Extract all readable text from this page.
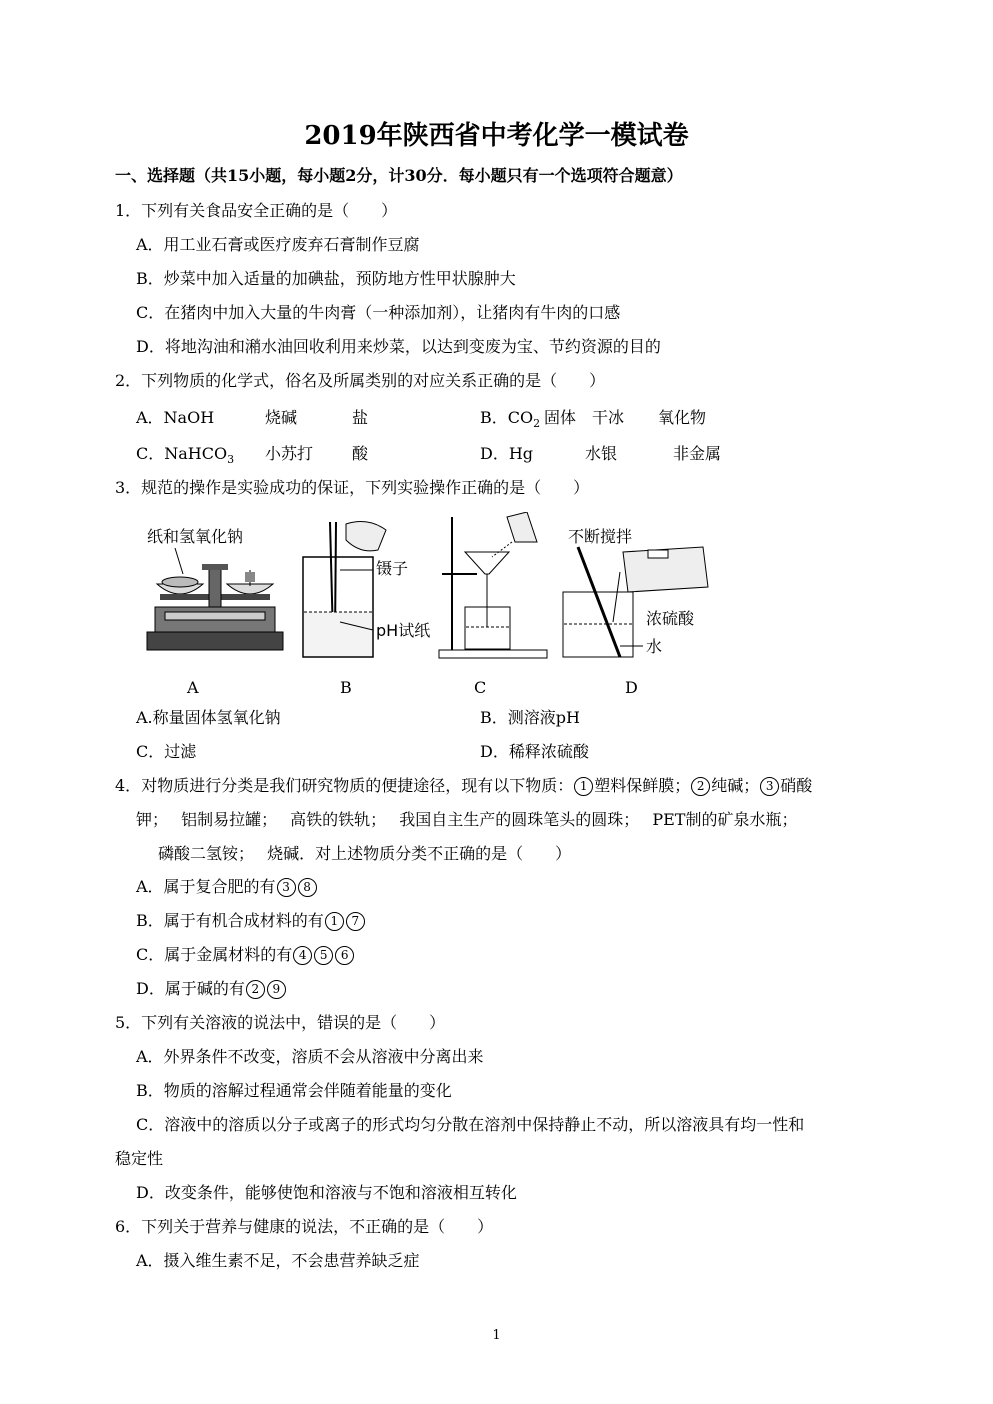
2019年陕西省中考化学一模试卷
一、选择题（共15小题，每小题2分，计30分．每小题只有一个选项符合题意）
1．下列有关食品安全正确的是（　　）
A．用工业石膏或医疗废弃石膏制作豆腐
B．炒菜中加入适量的加碘盐，预防地方性甲状腺肿大
C．在猪肉中加入大量的牛肉膏（一种添加剂），让猪肉有牛肉的口感
D．将地沟油和潲水油回收利用来炒菜，以达到变废为宝、节约资源的目的
2．下列物质的化学式，俗名及所属类别的对应关系正确的是（　　）
A．NaOH	烧碱	盐	B．$CO_2$ 固体　干冰 氧化物
C．NaHCO$_3$ 小苏打 酸	D．Hg	水银	非金属
3．规范的操作是实验成功的保证，下列实验操作正确的是（　　）
纸和氢氧化钠
A
镊子
pH试纸
B	C
不断搅拌
浓硫酸
水
D
A.称量固体氢氧化钠	B．测溶液pH
C．过滤	D．稀释浓硫酸
4．对物质进行分类是我们研究物质的便捷途径，现有以下物质： 1 塑料保鲜膜； 2 纯碱； 3 硝酸
钾；　 铝制易拉罐；　 高铁的铁轨；　 我国自主生产的圆珠笔头的圆珠；　 PET制的矿泉水瓶；
磷酸二氢铵；　 烧碱．对上述物质分类不正确的是（　　）
A．属于复合肥的有 3 8
B．属于有机合成材料的有 1 7
C．属于金属材料的有 4 5 6
D．属于碱的有 2 9
5．下列有关溶液的说法中，错误的是（　　）
A．外界条件不改变，溶质不会从溶液中分离出来
B．物质的溶解过程通常会伴随着能量的变化
C．溶液中的溶质以分子或离子的形式均匀分散在溶剂中保持静止不动，所以溶液具有均一性和
稳定性
D．改变条件，能够使饱和溶液与不饱和溶液相互转化
6．下列关于营养与健康的说法，不正确的是（　　）
A．摄入维生素不足，不会患营养缺乏症
1
